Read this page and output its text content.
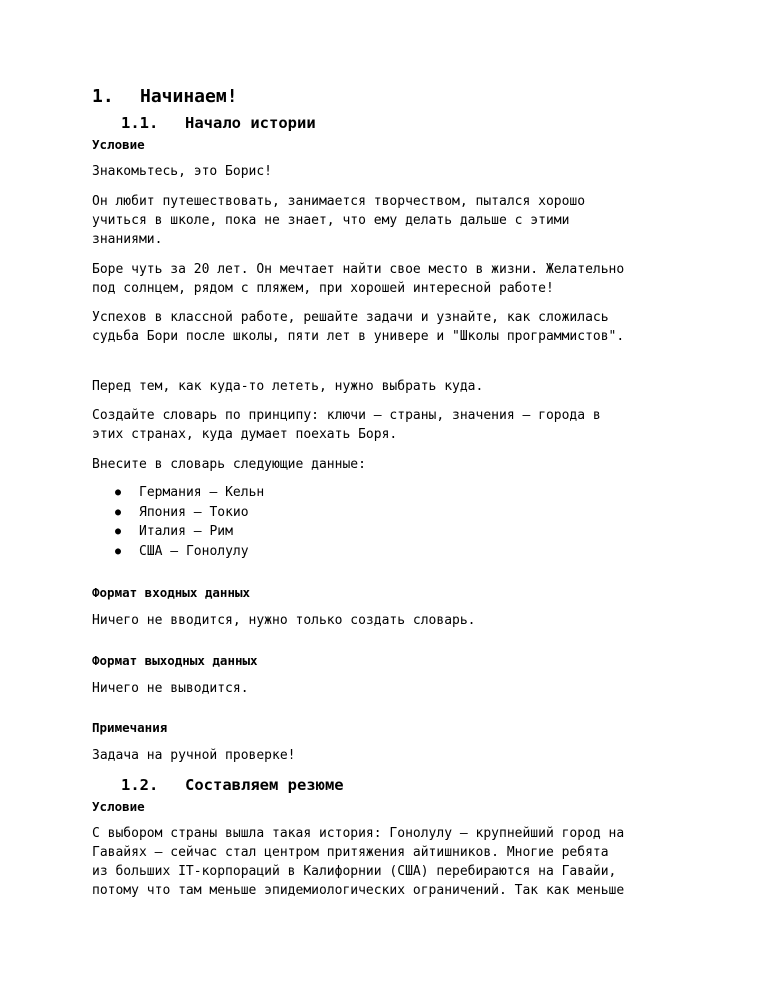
1. Начинаем!
1.1. Начало истории
Условие

Знакомьтесь, это Борис!

Он любит путешествовать, занимается творчеством, пытался хорошо
учиться в школе, пока не знает, что ему делать дальше с этими
знаниями.

Боре чуть за 20 лет. Он мечтает найти свое место в жизни. Желательно
под солнцем, рядом с пляжем, при хорошей интересной работе!

Успехов в классной работе, решайте задачи и узнайте, как сложилась
судьба Бори после школы, пяти лет в универе и "Школы программистов".

Перед тем, как куда-то лететь, нужно выбрать куда.

Создайте словарь по принципу: ключи — страны, значения — города в
этих странах, куда думает поехать Боря.

Внесите в словарь следующие данные:

● Германия — Кельн
● Япония — Токио
● Италия — Рим
● США — Гонолулу
Формат входных данных

Ничего не вводится, нужно только создать словарь.

Формат выходных данных

Ничего не выводится.

Примечания

Задача на ручной проверке!

1.2. Составляем резюме
Условие

С выбором страны вышла такая история: Гонолулу — крупнейший город на
Гавайях — сейчас стал центром притяжения айтишников. Многие ребята
из больших IT-корпораций в Калифорнии (США) перебираются на Гавайи,
потому что там меньше эпидемиологических ограничений. Так как меньше
